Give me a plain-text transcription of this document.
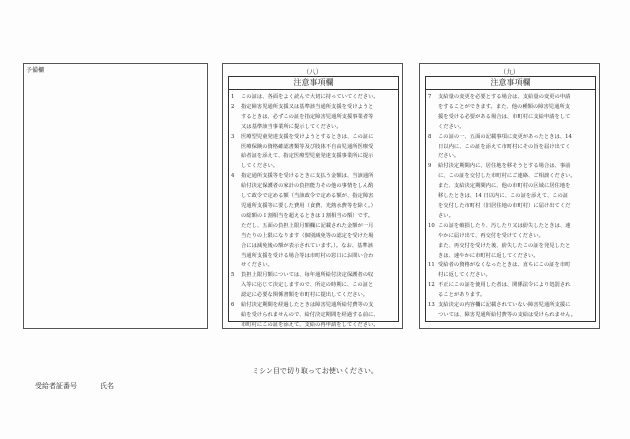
予備欄	（八）
注意事項欄
1	この証は、各面をよく読んで大切に持っていてください。
2	指定障害児通所支援又は基準該当通所支援を受けようと
するときは、必ずこの証を指定障害児通所支援事業者等
又は基準該当事業所に提示してください。
3	医療型児童発達支援を受けようとするときは、この証に
医療保険の資格確認書類等及び肢体不自由児通所医療受
給者証を添えて、指定医療型児童発達支援事業所に提示
してください。
4	指定通所支援等を受けるときに支払う金額は、当該通所
給付決定保護者の家計の負担能力その他の事情をしん酌
して政令で定める額（当該政令で定める額が、指定障害
児通所支援等に要した費用（食費、光熱水費等を除く。）
の総額の１割相当を超えるときは１割相当の額）です。
ただし、五面の負担上限月額欄に記載された金額が一月
当たりの上限になります（個別減免等の認定を受けた場
合には減免後の額が表示されています。）。なお、基準該
当通所支援を受ける場合等は市町村の窓口にお問い合わ
せください。
5	負担上限月額については、毎年通所給付決定保護者の収
入等に応じて決定しますので、所定の時期に、この証と
認定に必要な関係書類を市町村に提出してください。
6	給付決定期間を経過したときは障害児通所給付費等の支
給を受けられませんので、給付決定期間を経過する前に、
市町村にこの証を添えて、支給の再申請をしてください。
（九）
注意事項欄
7	支給量の変更を必要とする場合は、支給量の変更の申請
をすることができます。また、他の種類の障害児通所支
援を受ける必要がある場合は、市町村に支給申請をして
ください。
8	この証の一、五面の記載事項に変更があったときは、14
日以内に、この証を添えて市町村にその旨を届け出てく
ださい。
9	給付決定期間内に、居住地を移そうとする場合は、事前
に、この証を交付した市町村にご連絡、ご相談ください。
また、支給決定期間内に、他の市町村の区域に居住地を
移したときは、14 日以内に、この証を添えて、この証
を交付した市町村（旧居住地の市町村）に届け出てくだ
さい。
10 この証を破損したり、汚したり又は紛失したときは、速
やかに届け出て、再交付を受けてください。
また、再交付を受けた後、紛失したこの証を発見したと
きは、速やかに市町村に返してください。
11 受給者の資格がなくなったときは、直ちにこの証を市町
村に返してください。
12 不正にこの証を使用した者は、関係法令により処罰され
ることがあります。
13 支給決定の内容欄に記載されていない障害児通所支援に
ついては、障害児通所給付費等の支給は受けられません。
ミシン目で切り取ってお使いください。
受給者証番号	氏名
